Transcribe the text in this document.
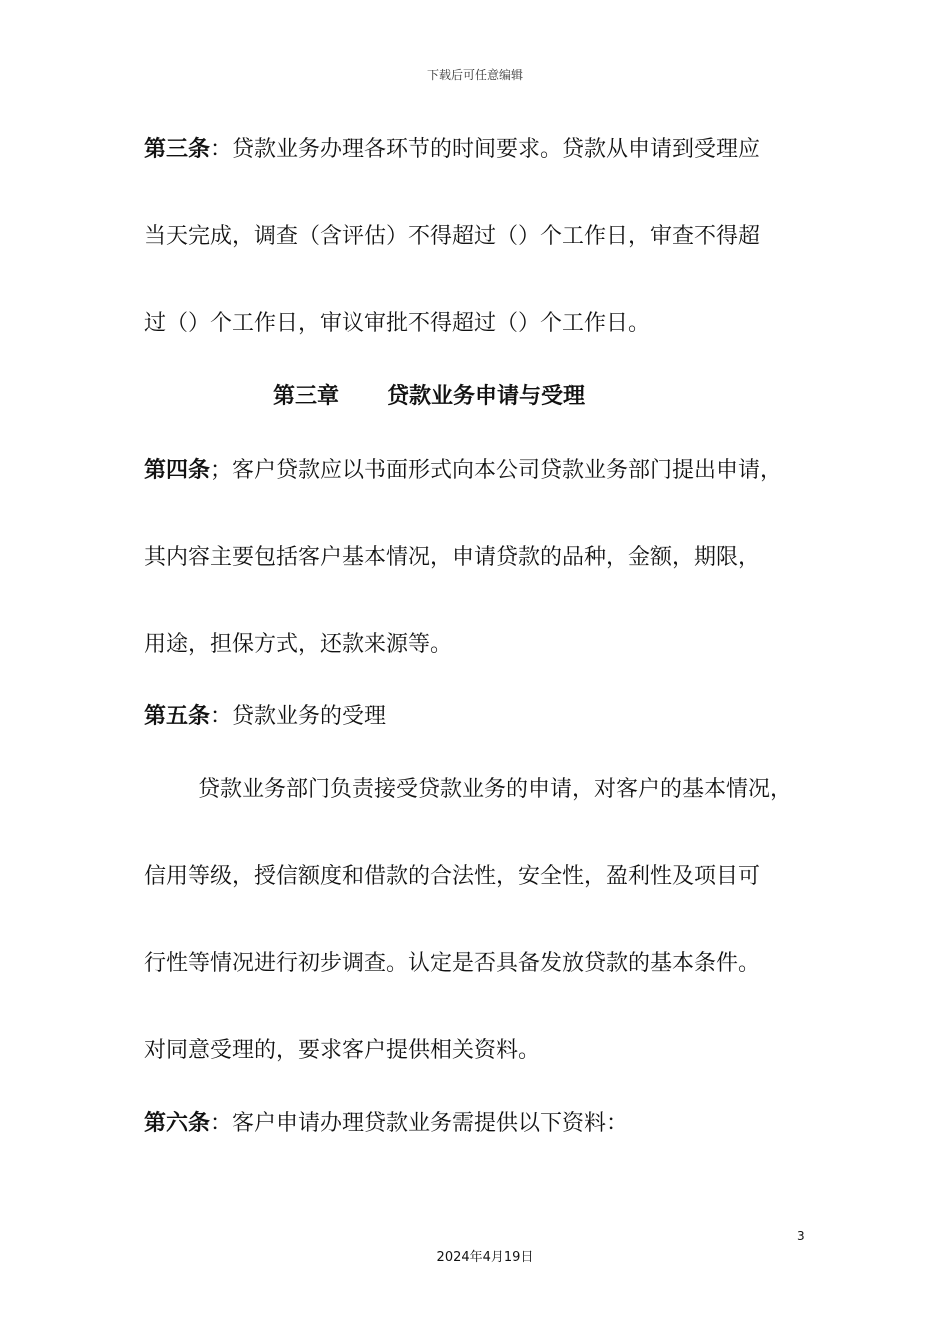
下载后可任意编辑
第三条：贷款业务办理各环节的时间要求。贷款从申请到受理应
当天完成，调查（含评估）不得超过（）个工作日，审查不得超
过（）个工作日，审议审批不得超过（）个工作日。
第三章 贷款业务申请与受理
第四条；客户贷款应以书面形式向本公司贷款业务部门提出申请，
其内容主要包括客户基本情况，申请贷款的品种，金额，期限，
用途，担保方式，还款来源等。
第五条：贷款业务的受理
贷款业务部门负责接受贷款业务的申请，对客户的基本情况，
信用等级，授信额度和借款的合法性，安全性，盈利性及项目可
行性等情况进行初步调查。认定是否具备发放贷款的基本条件。
对同意受理的，要求客户提供相关资料。
第六条：客户申请办理贷款业务需提供以下资料：
3
2024年4月19日
